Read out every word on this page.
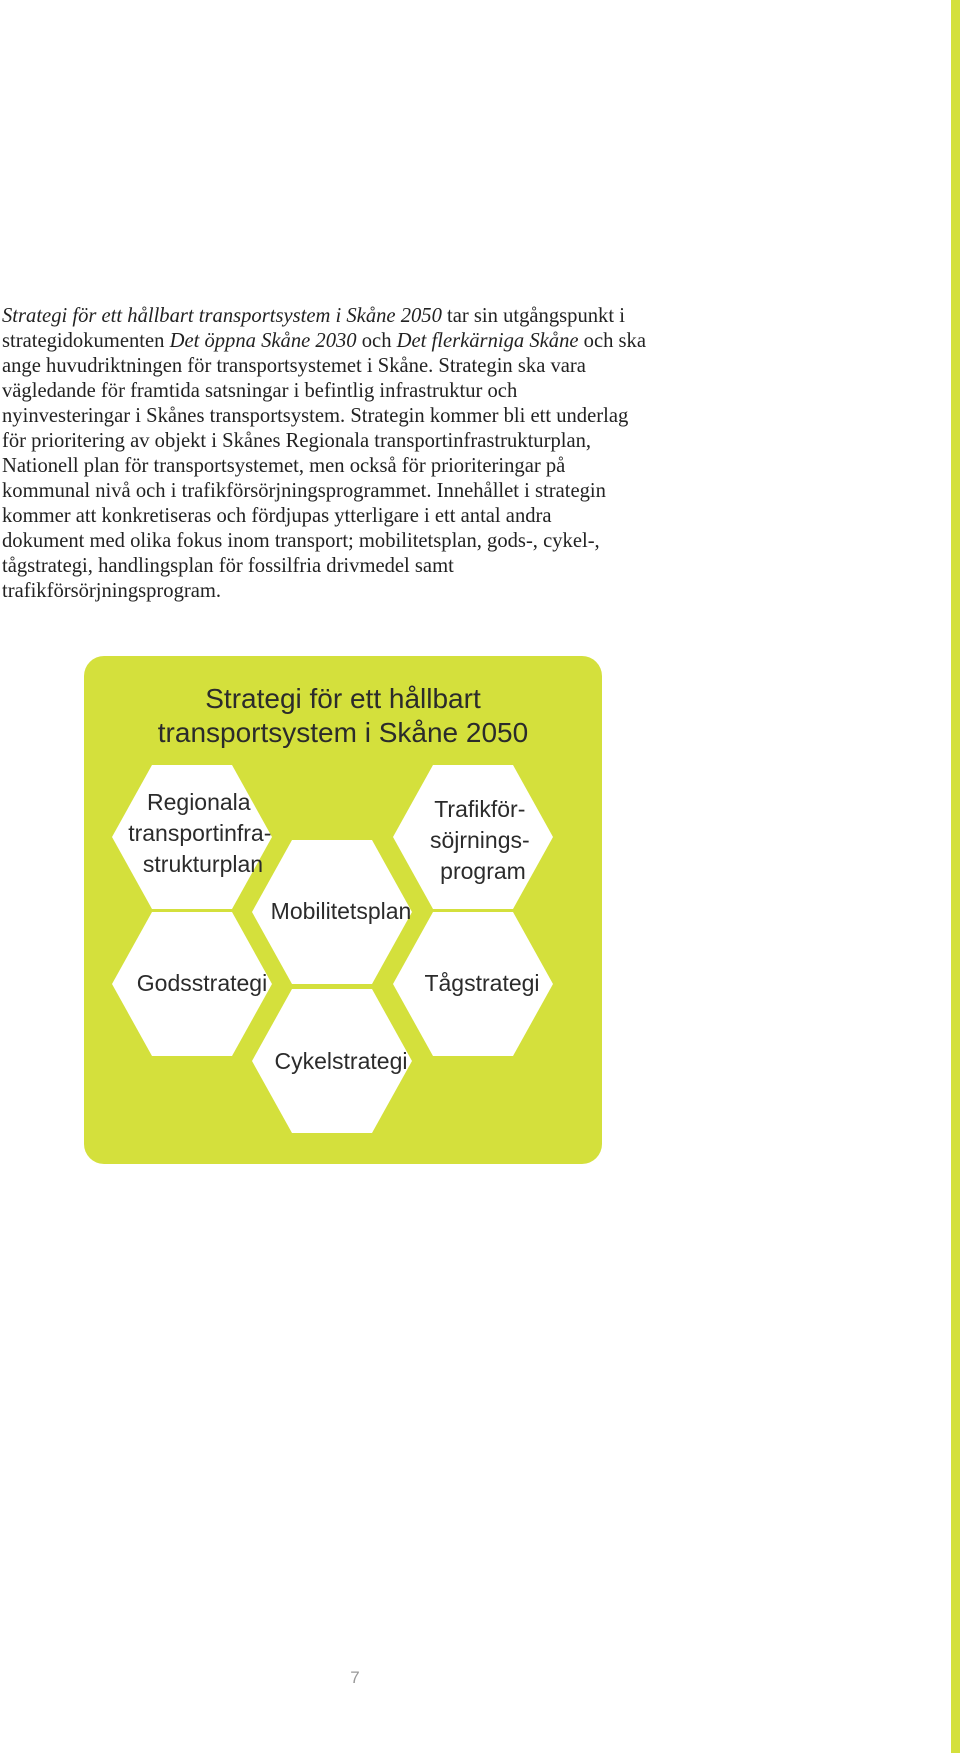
Strategi för ett hållbart transportsystem i Skåne 2050 tar sin utgångspunkt i
strategidokumenten Det öppna Skåne 2030 och Det flerkärniga Skåne och ska
ange huvudriktningen för transportsystemet i Skåne. Strategin ska vara
vägledande för framtida satsningar i befintlig infrastruktur och
nyinvesteringar i Skånes transportsystem. Strategin kommer bli ett underlag
för prioritering av objekt i Skånes Regionala transportinfrastrukturplan,
Nationell plan för transportsystemet, men också för prioriteringar på
kommunal nivå och i trafikförsörjningsprogrammet. Innehållet i strategin
kommer att konkretiseras och fördjupas ytterligare i ett antal andra
dokument med olika fokus inom transport; mobilitetsplan, gods-, cykel-,
tågstrategi, handlingsplan för fossilfria drivmedel samt
trafikförsörjningsprogram.

Strategi för ett hållbart
transportsystem i Skåne 2050
Regionala transportinfra- strukturplan
Trafikför- söjrnings- program
Mobilitetsplan
Godsstrategi	Tågstrategi
Cykelstrategi
7
